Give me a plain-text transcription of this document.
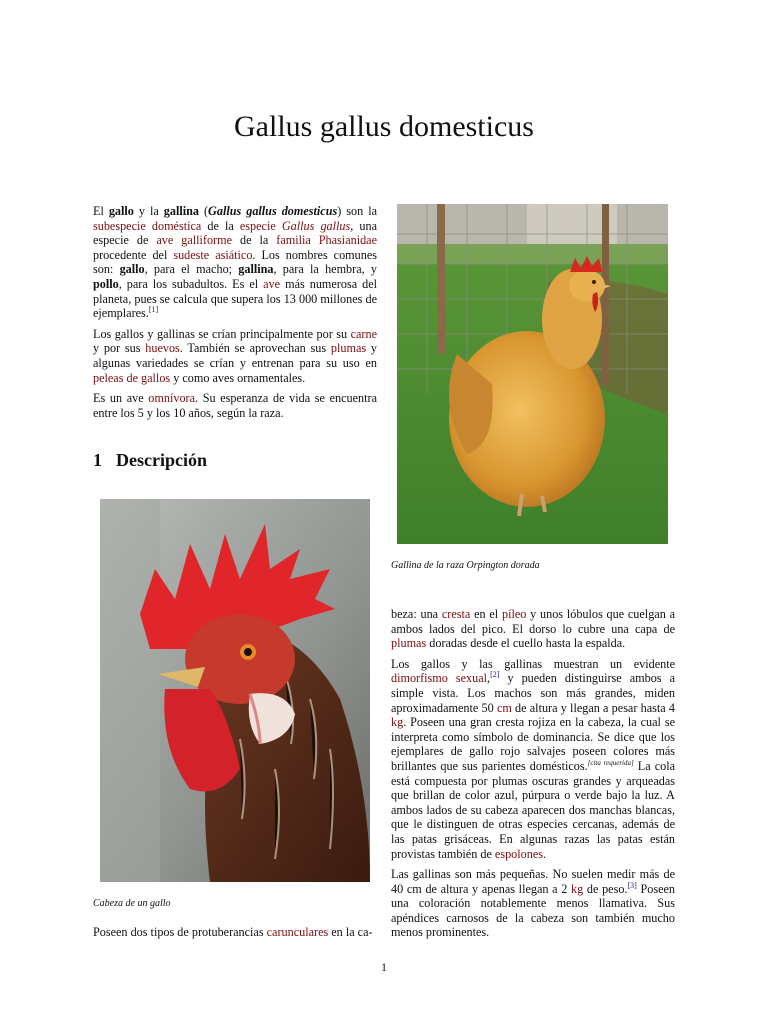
Gallus gallus domesticus

El gallo y la gallina (Gallus gallus domesticus) son la subespecie doméstica de la especie Gallus gallus, una especie de ave galliforme de la familia Phasianidae procedente del sudeste asiático. Los nombres comunes son: gallo, para el macho; gallina, para la hembra, y pollo, para los subadultos. Es el ave más numerosa del planeta, pues se calcula que supera los 13 000 millones de ejemplares.[1]

Los gallos y gallinas se crían principalmente por su carne y por sus huevos. También se aprovechan sus plumas y algunas variedades se crían y entrenan para su uso en peleas de gallos y como aves ornamentales.

Es un ave omnívora. Su esperanza de vida se encuentra entre los 5 y los 10 años, según la raza.

1 Descripción
Gallina de la raza Orpington dorada
Cabeza de un gallo

Poseen dos tipos de protuberancias carunculares en la ca-

beza: una cresta en el píleo y unos lóbulos que cuelgan a ambos lados del pico. El dorso lo cubre una capa de plumas doradas desde el cuello hasta la espalda.

Los gallos y las gallinas muestran un evidente dimorfismo sexual,[2] y pueden distinguirse ambos a simple vista. Los machos son más grandes, miden aproximadamente 50 cm de altura y llegan a pesar hasta 4 kg. Poseen una gran cresta rojiza en la cabeza, la cual se interpreta como símbolo de dominancia. Se dice que los ejemplares de gallo rojo salvajes poseen colores más brillantes que sus parientes domésticos.[cita requerida] La cola está compuesta por plumas oscuras grandes y arqueadas que brillan de color azul, púrpura o verde bajo la luz. A ambos lados de su cabeza aparecen dos manchas blancas, que le distinguen de otras especies cercanas, además de las patas grisáceas. En algunas razas las patas están provistas también de espolones.

Las gallinas son más pequeñas. No suelen medir más de 40 cm de altura y apenas llegan a 2 kg de peso.[3] Poseen una coloración notablemente menos llamativa. Sus apéndices carnosos de la cabeza son también mucho menos prominentes.

1
